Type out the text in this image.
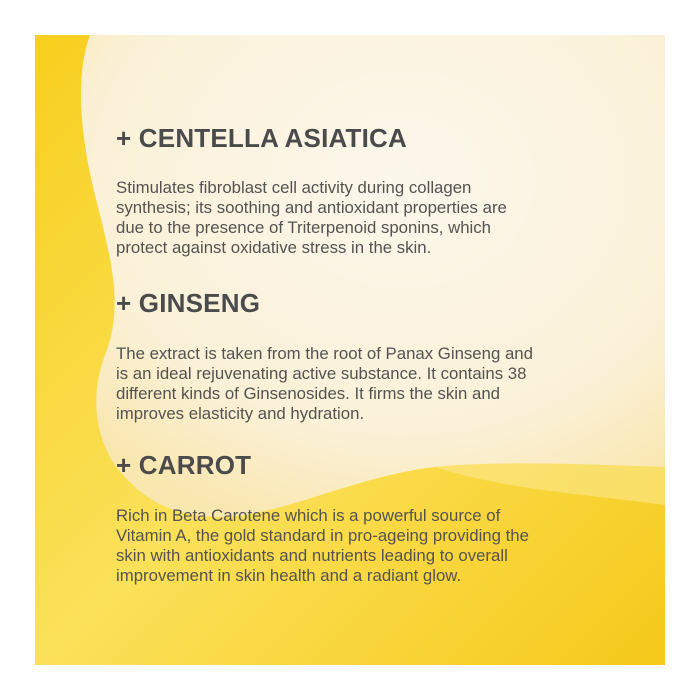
+ CENTELLA ASIATICA
Stimulates fibroblast cell activity during collagen
synthesis; its soothing and antioxidant properties are
due to the presence of Triterpenoid sponins, which
protect against oxidative stress in the skin.
+ GINSENG
The extract is taken from the root of Panax Ginseng and
is an ideal rejuvenating active substance. It contains 38
different kinds of Ginsenosides. It firms the skin and
improves elasticity and hydration.
+ CARROT
Rich in Beta Carotene which is a powerful source of
Vitamin A, the gold standard in pro-ageing providing the
skin with antioxidants and nutrients leading to overall
improvement in skin health and a radiant glow.
